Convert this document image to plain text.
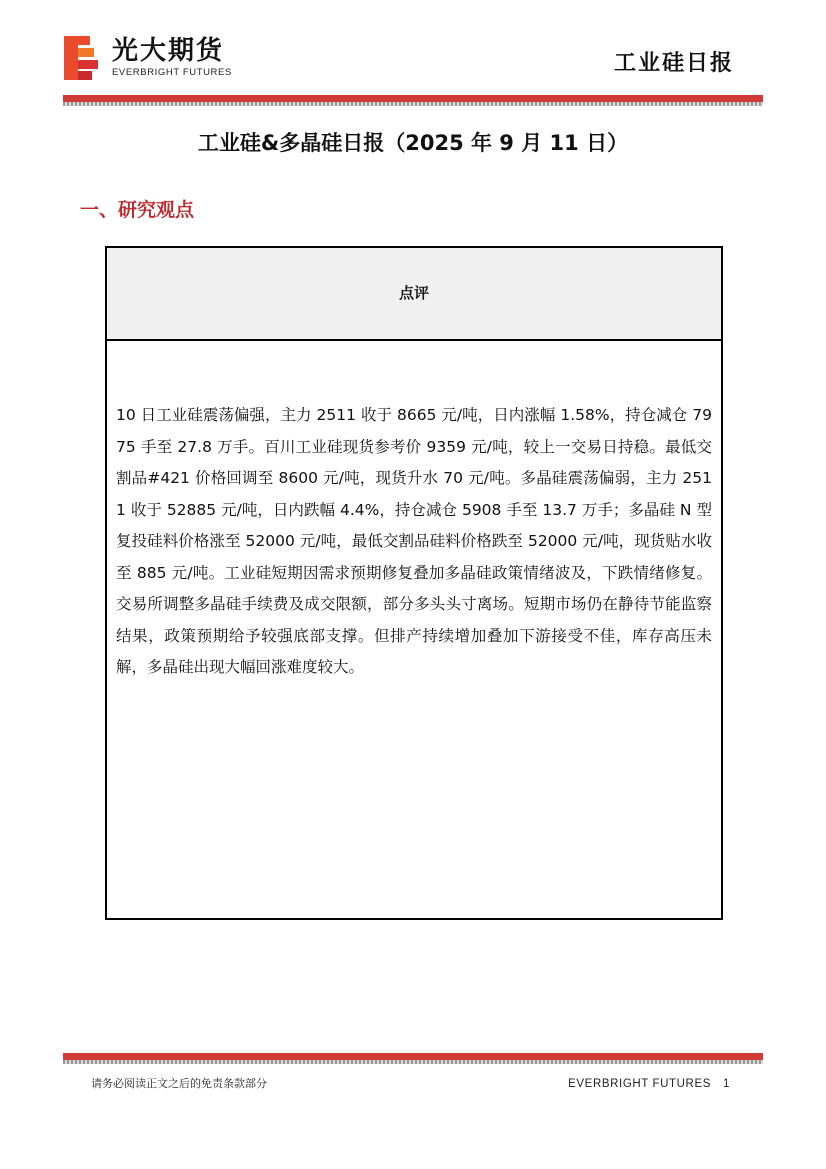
光大期货
EVERBRIGHT FUTURES	工业硅日报
工业硅&多晶硅日报（2025 年 9 月 11 日）
一、研究观点
点评
10 日工业硅震荡偏强，主力 2511 收于 8665 元/吨，日内涨幅 1.58%，持仓减仓 7975 手至 27.8 万手。百川工业硅现货参考价 9359 元/吨，较上一交易日持稳。最低交割品#421 价格回调至 8600 元/吨，现货升水 70 元/吨。多晶硅震荡偏弱，主力 2511 收于 52885 元/吨，日内跌幅 4.4%，持仓减仓 5908 手至 13.7 万手；多晶硅 N 型复投硅料价格涨至 52000 元/吨，最低交割品硅料价格跌至 52000 元/吨，现货贴水收至 885 元/吨。工业硅短期因需求预期修复叠加多晶硅政策情绪波及，下跌情绪修复。交易所调整多晶硅手续费及成交限额，部分多头头寸离场。短期市场仍在静待节能监察结果，政策预期给予较强底部支撑。但排产持续增加叠加下游接受不佳，库存高压未解，多晶硅出现大幅回涨难度较大。
请务必阅读正文之后的免责条款部分	EVERBRIGHT FUTURES 1
